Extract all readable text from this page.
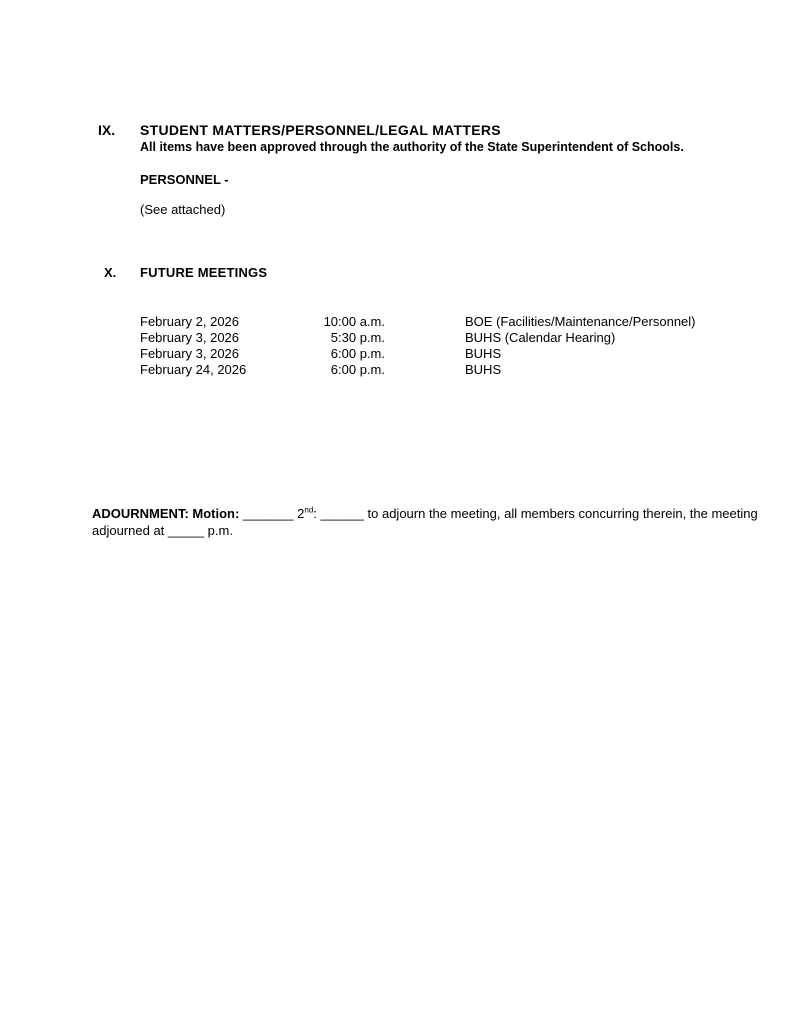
IX. STUDENT MATTERS/PERSONNEL/LEGAL MATTERS
All items have been approved through the authority of the State Superintendent of Schools.
PERSONNEL -
(See attached)
X. FUTURE MEETINGS
February 2, 2026	10:00 a.m.	BOE (Facilities/Maintenance/Personnel)
February 3, 2026	5:30 p.m.	BUHS (Calendar Hearing)
February 3, 2026	6:00 p.m.	BUHS
February 24, 2026	6:00 p.m.	BUHS
ADOURNMENT: Motion: _______ 2nd: ______ to adjourn the meeting, all members concurring therein, the meeting
adjourned at _____ p.m.
